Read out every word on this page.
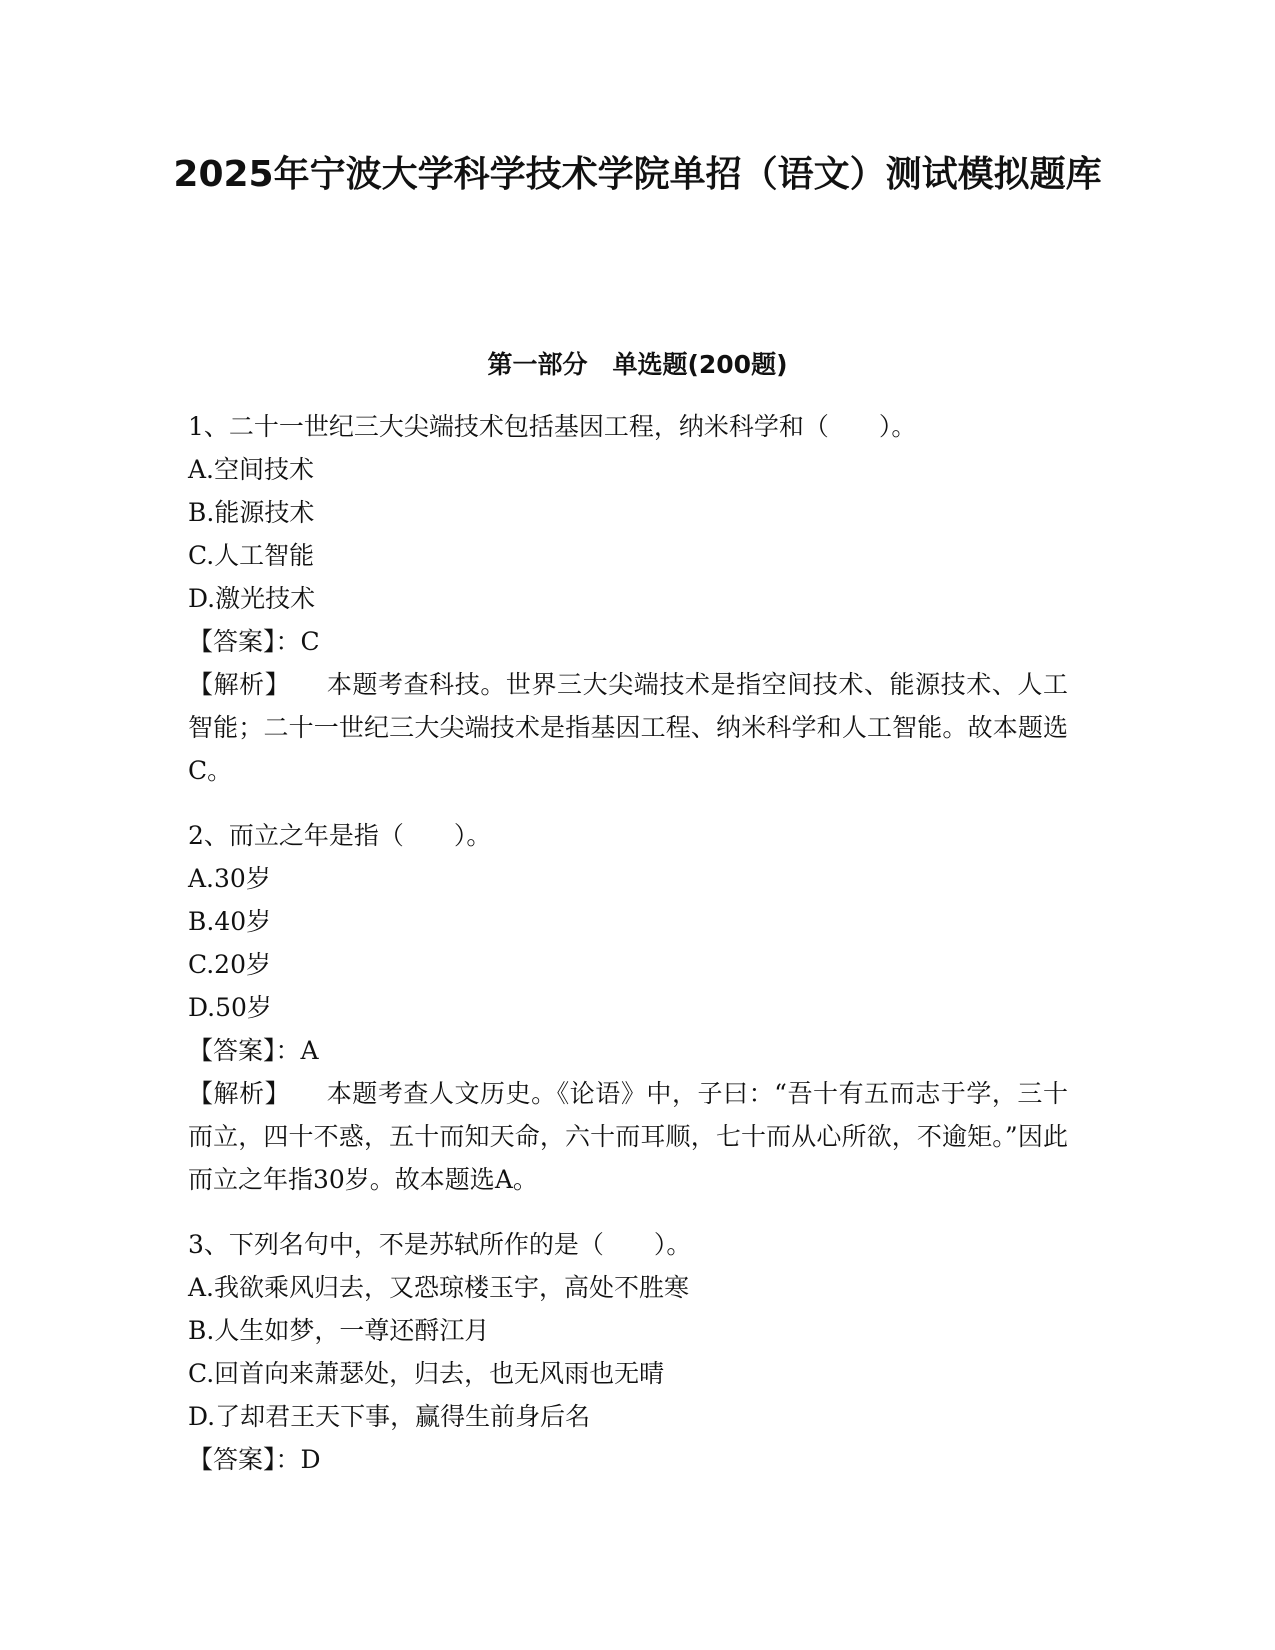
2025年宁波大学科学技术学院单招（语文）测试模拟题库
第一部分　单选题(200题)
1、二十一世纪三大尖端技术包括基因工程，纳米科学和（　　）。
A.空间技术
B.能源技术
C.人工智能
D.激光技术
【答案】：C
【解析】 本题考查科技。世界三大尖端技术是指空间技术、能源技术、人工智能；二十一世纪三大尖端技术是指基因工程、纳米科学和人工智能。故本题选C。
2、而立之年是指（　　）。
A.30岁
B.40岁
C.20岁
D.50岁
【答案】：A
【解析】 本题考查人文历史。《论语》中，子曰：“吾十有五而志于学，三十而立，四十不惑，五十而知天命，六十而耳顺，七十而从心所欲，不逾矩。”因此而立之年指30岁。故本题选A。
3、下列名句中，不是苏轼所作的是（　　）。
A.我欲乘风归去，又恐琼楼玉宇，高处不胜寒
B.人生如梦，一尊还酹江月
C.回首向来萧瑟处，归去，也无风雨也无晴
D.了却君王天下事，赢得生前身后名
【答案】：D
